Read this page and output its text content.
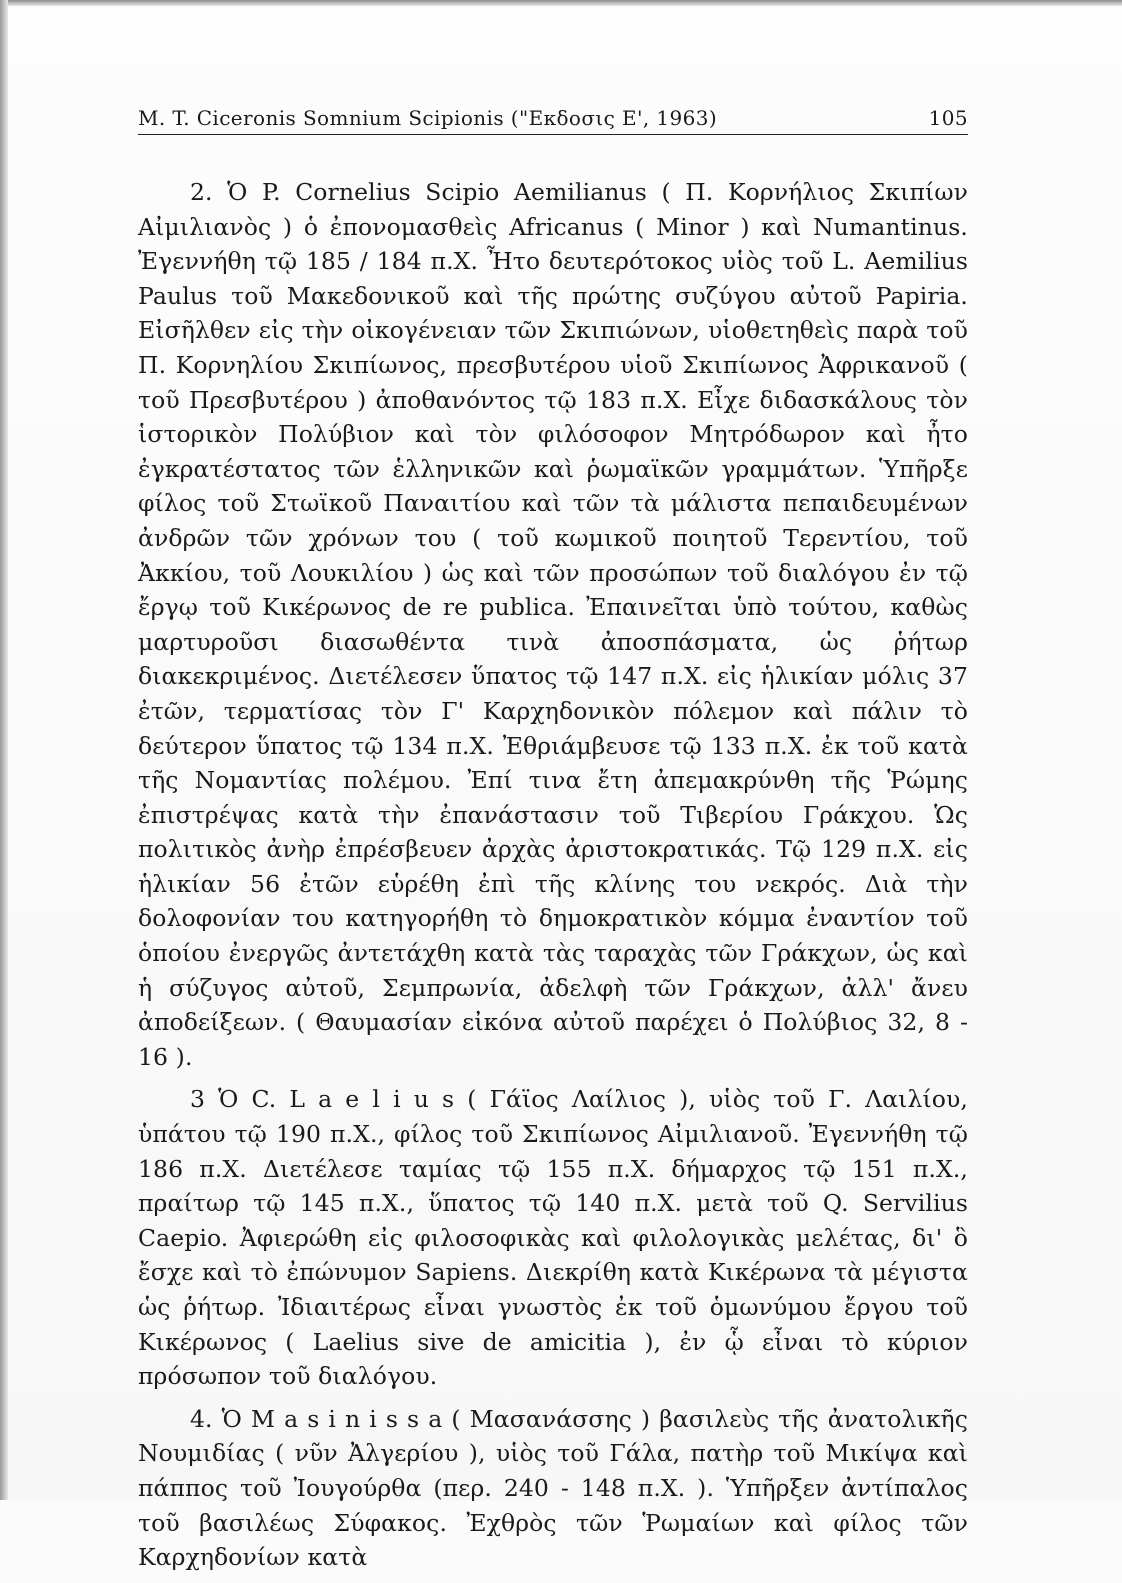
M. T. Ciceronis Somnium Scipionis ("Εκδοσις Ε', 1963)	105

2. Ὁ P. Cornelius Scipio Aemilianus ( Π. Κορνήλιος Σκιπίων Αἰμιλιανὸς ) ὁ ἐπονομασθεὶς Africanus ( Minor ) καὶ Numantinus. Ἐγεννήθη τῷ 185 / 184 π.Χ. Ἦτο δευτερότοκος υἱὸς τοῦ L. Aemilius Paulus τοῦ Μακεδονικοῦ καὶ τῆς πρώτης συζύγου αὐτοῦ Papiria. Εἰσῆλθεν εἰς τὴν οἰκογένειαν τῶν Σκιπιώνων, υἱοθετηθεὶς παρὰ τοῦ Π. Κορνηλίου Σκιπίωνος, πρεσβυτέρου υἱοῦ Σκιπίωνος Ἀφρικανοῦ ( τοῦ Πρεσβυτέρου ) ἀποθανόντος τῷ 183 π.Χ. Εἶχε διδασκάλους τὸν ἱστορικὸν Πολύβιον καὶ τὸν φιλόσοφον Μητρόδωρον καὶ ἦτο ἐγκρατέστατος τῶν ἑλληνικῶν καὶ ῥωμαϊκῶν γραμμάτων. Ὑπῆρξε φίλος τοῦ Στωϊκοῦ Παναιτίου καὶ τῶν τὰ μάλιστα πεπαιδευμένων ἀνδρῶν τῶν χρόνων του ( τοῦ κωμικοῦ ποιητοῦ Τερεντίου, τοῦ Ἀκκίου, τοῦ Λουκιλίου ) ὡς καὶ τῶν προσώπων τοῦ διαλόγου ἐν τῷ ἔργῳ τοῦ Κικέρωνος de re publica. Ἐπαινεῖται ὑπὸ τούτου, καθὼς μαρτυροῦσι διασωθέντα τινὰ ἀποσπάσματα, ὡς ῥήτωρ διακεκριμένος. Διετέλεσεν ὕπατος τῷ 147 π.Χ. εἰς ἡλικίαν μόλις 37 ἐτῶν, τερματίσας τὸν Γ' Καρχηδονικὸν πόλεμον καὶ πάλιν τὸ δεύτερον ὕπατος τῷ 134 π.Χ. Ἐθριάμβευσε τῷ 133 π.Χ. ἐκ τοῦ κατὰ τῆς Νομαντίας πολέμου. Ἐπί τινα ἔτη ἀπεμακρύνθη τῆς Ῥώμης ἐπιστρέψας κατὰ τὴν ἐπανάστασιν τοῦ Τιβερίου Γράκχου. Ὡς πολιτικὸς ἀνὴρ ἐπρέσβευεν ἀρχὰς ἀριστοκρατικάς. Τῷ 129 π.Χ. εἰς ἡλικίαν 56 ἐτῶν εὑρέθη ἐπὶ τῆς κλίνης του νεκρός. Διὰ τὴν δολοφονίαν του κατηγορήθη τὸ δημοκρατικὸν κόμμα ἐναντίον τοῦ ὁποίου ἐνεργῶς ἀντετάχθη κατὰ τὰς ταραχὰς τῶν Γράκχων, ὡς καὶ ἡ σύζυγος αὐτοῦ, Σεμπρωνία, ἀδελφὴ τῶν Γράκχων, ἀλλ' ἄνευ ἀποδείξεων. ( Θαυμασίαν εἰκόνα αὐτοῦ παρέχει ὁ Πολύβιος 32, 8 - 16 ).

3 Ὁ C. L a e l i u s ( Γάϊος Λαίλιος ), υἱὸς τοῦ Γ. Λαιλίου, ὑπάτου τῷ 190 π.Χ., φίλος τοῦ Σκιπίωνος Αἰμιλιανοῦ. Ἐγεννήθη τῷ 186 π.Χ. Διετέλεσε ταμίας τῷ 155 π.Χ. δήμαρχος τῷ 151 π.Χ., πραίτωρ τῷ 145 π.Χ., ὕπατος τῷ 140 π.Χ. μετὰ τοῦ Q. Servilius Caepio. Ἀφιερώθη εἰς φιλοσοφικὰς καὶ φιλολογικὰς μελέτας, δι' ὃ ἔσχε καὶ τὸ ἐπώνυμον Sapiens. Διεκρίθη κατὰ Κικέρωνα τὰ μέγιστα ὡς ῥήτωρ. Ἰδιαιτέρως εἶναι γνωστὸς ἐκ τοῦ ὁμωνύμου ἔργου τοῦ Κικέρωνος ( Laelius sive de amicitia ), ἐν ᾧ εἶναι τὸ κύριον πρόσωπον τοῦ διαλόγου.

4. Ὁ M a s i n i s s a ( Μασανάσσης ) βασιλεὺς τῆς ἀνατολικῆς Νουμιδίας ( νῦν Ἀλγερίου ), υἱὸς τοῦ Γάλα, πατὴρ τοῦ Μικίψα καὶ πάππος τοῦ Ἰουγούρθα (περ. 240 - 148 π.Χ. ). Ὑπῆρξεν ἀντίπαλος τοῦ βασιλέως Σύφακος. Ἐχθρὸς τῶν Ῥωμαίων καὶ φίλος τῶν Καρχηδονίων κατὰ
